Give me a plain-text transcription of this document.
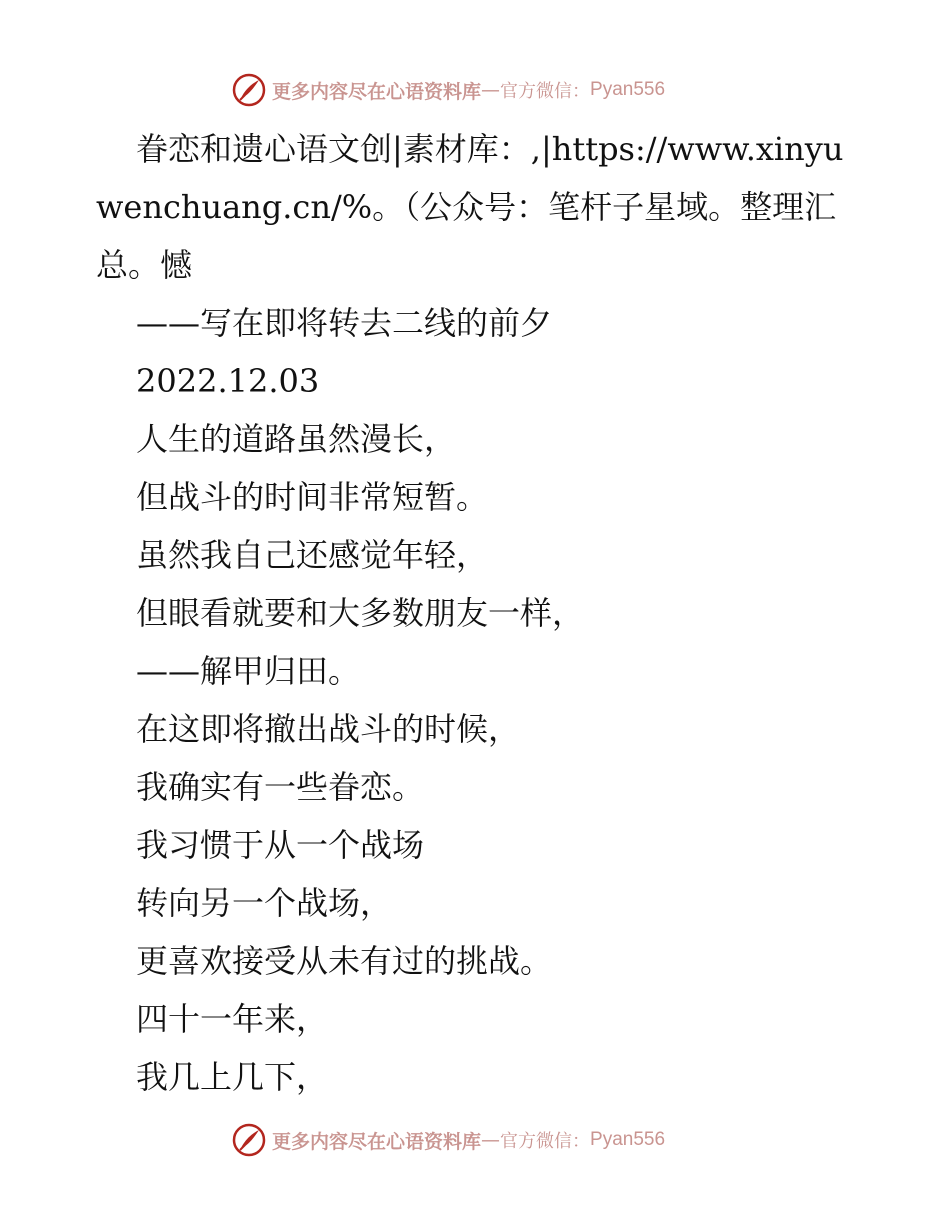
更多内容尽在心语资料库 — 官方微信： Pyan556

眷恋和遗心语文创|素材库：,|https://www.xinyuwenchuang.cn/%。（公众号：笔杆子星域。整理汇总。憾

——写在即将转去二线的前夕

2022.12.03

人生的道路虽然漫长，

但战斗的时间非常短暂。

虽然我自己还感觉年轻，

但眼看就要和大多数朋友一样，

——解甲归田。

在这即将撤出战斗的时候，

我确实有一些眷恋。

我习惯于从一个战场

转向另一个战场，

更喜欢接受从未有过的挑战。

四十一年来，

我几上几下，

更多内容尽在心语资料库 — 官方微信： Pyan556
